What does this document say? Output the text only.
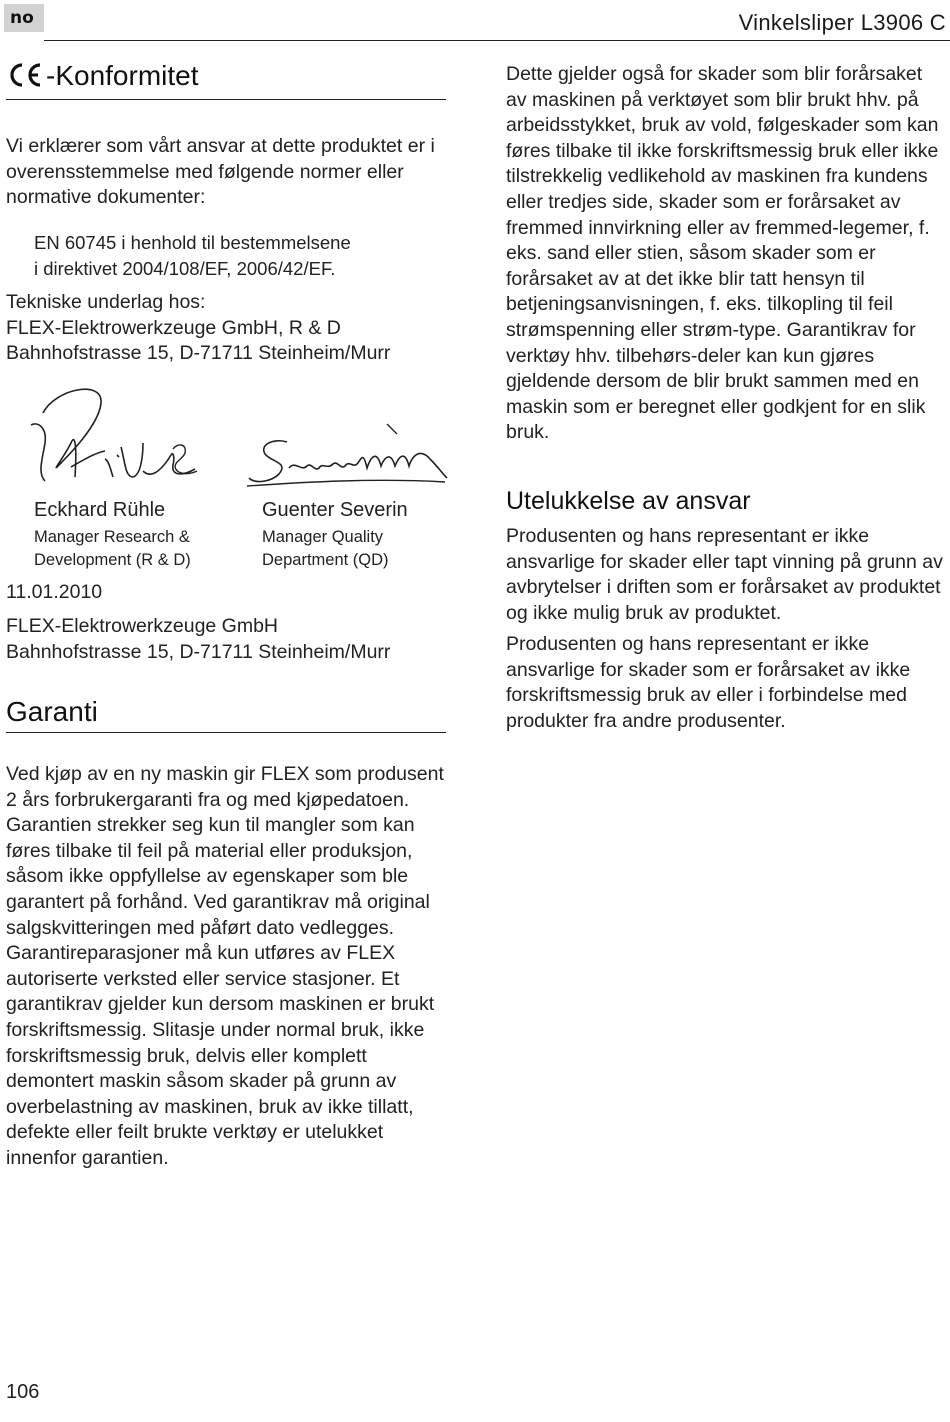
no	Vinkelsliper L3906 C
-Konformitet
Vi erklærer som vårt ansvar at dette produktet er i overensstemmelse med følgende normer eller normative dokumenter:
EN 60745 i henhold til bestemmelsene
i direktivet 2004/108/EF, 2006/42/EF.
Tekniske underlag hos:
FLEX-Elektrowerkzeuge GmbH, R & D
Bahnhofstrasse 15, D-71711 Steinheim/Murr
Eckhard Rühle
Manager Research &
Development (R & D)
Guenter Severin
Manager Quality
Department (QD)
11.01.2010
FLEX-Elektrowerkzeuge GmbH
Bahnhofstrasse 15, D-71711 Steinheim/Murr
Garanti
Ved kjøp av en ny maskin gir FLEX som produsent 2 års forbrukergaranti fra og med kjøpedatoen. Garantien strekker seg kun til mangler som kan føres tilbake til feil på material eller produksjon, såsom ikke oppfyllelse av egenskaper som ble garantert på forhånd. Ved garantikrav må original salgskvitteringen med påført dato vedlegges. Garantireparasjoner må kun utføres av FLEX autoriserte verksted eller service stasjoner. Et garantikrav gjelder kun dersom maskinen er brukt forskriftsmessig. Slitasje under normal bruk, ikke forskriftsmessig bruk, delvis eller komplett demontert maskin såsom skader på grunn av overbelastning av maskinen, bruk av ikke tillatt, defekte eller feilt brukte verktøy er utelukket innenfor garantien.
Dette gjelder også for skader som blir forårsaket av maskinen på verktøyet som blir brukt hhv. på arbeidsstykket, bruk av vold, følgeskader som kan føres tilbake til ikke forskriftsmessig bruk eller ikke tilstrekkelig vedlikehold av maskinen fra kundens eller tredjes side, skader som er forårsaket av fremmed innvirkning eller av fremmed-legemer, f. eks. sand eller stien, såsom skader som er forårsaket av at det ikke blir tatt hensyn til betjeningsanvisningen, f. eks. tilkopling til feil strømspenning eller strøm-type. Garantikrav for verktøy hhv. tilbehørs-deler kan kun gjøres gjeldende dersom de blir brukt sammen med en maskin som er beregnet eller godkjent for en slik bruk.
Utelukkelse av ansvar
Produsenten og hans representant er ikke ansvarlige for skader eller tapt vinning på grunn av avbrytelser i driften som er forårsaket av produktet og ikke mulig bruk av produktet.
Produsenten og hans representant er ikke ansvarlige for skader som er forårsaket av ikke forskriftsmessig bruk av eller i forbindelse med produkter fra andre produsenter.
106
